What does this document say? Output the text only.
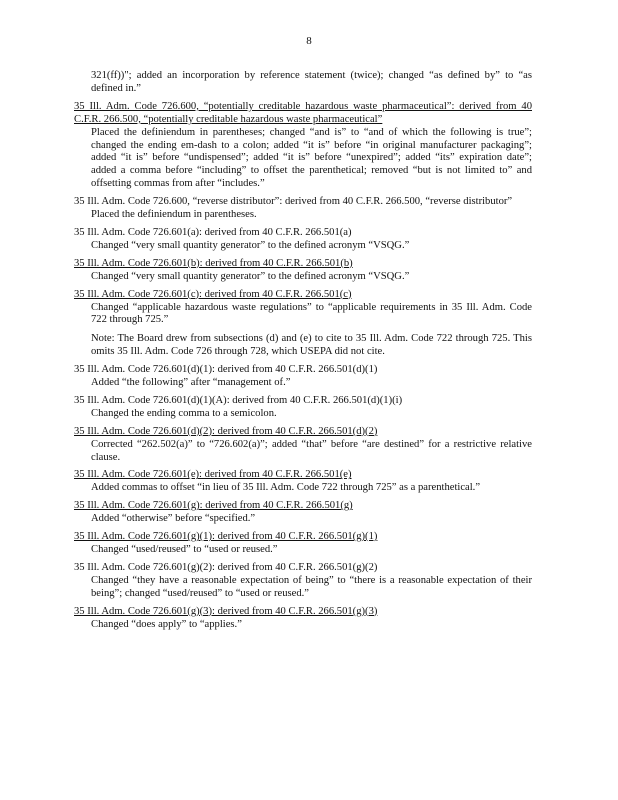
8
321(ff))"; added an incorporation by reference statement (twice); changed “as defined by” to “as defined in.”
35 Ill. Adm. Code 726.600, “potentially creditable hazardous waste pharmaceutical”: derived from 40 C.F.R. 266.500, “potentially creditable hazardous waste pharmaceutical”
Placed the definiendum in parentheses; changed “and is” to “and of which the following is true”; changed the ending em-dash to a colon; added “it is” before “in original manufacturer packaging”; added “it is” before “undispensed”; added “it is” before “unexpired”; added “its” expiration date”; added a comma before “including” to offset the parenthetical; removed “but is not limited to” and offsetting commas from after “includes.”
35 Ill. Adm. Code 726.600, “reverse distributor”: derived from 40 C.F.R. 266.500, “reverse distributor”
Placed the definiendum in parentheses.
35 Ill. Adm. Code 726.601(a): derived from 40 C.F.R. 266.501(a)
Changed “very small quantity generator” to the defined acronym “VSQG.”
35 Ill. Adm. Code 726.601(b): derived from 40 C.F.R. 266.501(b)
Changed “very small quantity generator” to the defined acronym “VSQG.”
35 Ill. Adm. Code 726.601(c): derived from 40 C.F.R. 266.501(c)
Changed “applicable hazardous waste regulations” to “applicable requirements in 35 Ill. Adm. Code 722 through 725.”
Note: The Board drew from subsections (d) and (e) to cite to 35 Ill. Adm. Code 722 through 725. This omits 35 Ill. Adm. Code 726 through 728, which USEPA did not cite.
35 Ill. Adm. Code 726.601(d)(1): derived from 40 C.F.R. 266.501(d)(1)
Added “the following” after “management of.”
35 Ill. Adm. Code 726.601(d)(1)(A): derived from 40 C.F.R. 266.501(d)(1)(i)
Changed the ending comma to a semicolon.
35 Ill. Adm. Code 726.601(d)(2): derived from 40 C.F.R. 266.501(d)(2)
Corrected “262.502(a)” to “726.602(a)”; added “that” before “are destined” for a restrictive relative clause.
35 Ill. Adm. Code 726.601(e): derived from 40 C.F.R. 266.501(e)
Added commas to offset “in lieu of 35 Ill. Adm. Code 722 through 725” as a parenthetical.”
35 Ill. Adm. Code 726.601(g): derived from 40 C.F.R. 266.501(g)
Added “otherwise” before “specified.”
35 Ill. Adm. Code 726.601(g)(1): derived from 40 C.F.R. 266.501(g)(1)
Changed “used/reused” to “used or reused.”
35 Ill. Adm. Code 726.601(g)(2): derived from 40 C.F.R. 266.501(g)(2)
Changed “they have a reasonable expectation of being” to “there is a reasonable expectation of their being”; changed “used/reused” to “used or reused.”
35 Ill. Adm. Code 726.601(g)(3): derived from 40 C.F.R. 266.501(g)(3)
Changed “does apply” to “applies.”
